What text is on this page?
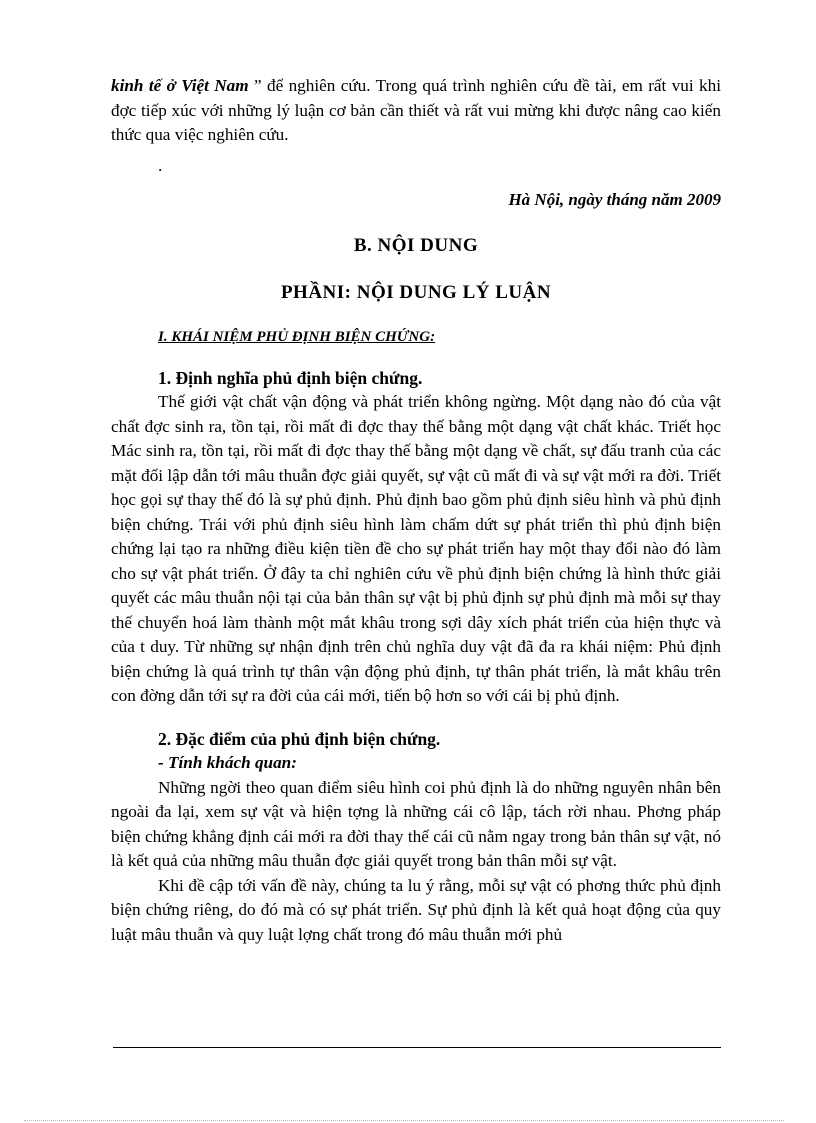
kinh tế ở Việt Nam ” để nghiên cứu. Trong quá trình nghiên cứu đề tài, em rất vui khi đợc tiếp xúc với những lý luận cơ bản cần thiết và rất vui mừng khi được nâng cao kiến thức qua việc nghiên cứu.

.
Hà Nội, ngày tháng năm 2009
B. NỘI DUNG
PHẦNI: NỘI DUNG LÝ LUẬN
I. KHÁI NIỆM PHỦ ĐỊNH BIỆN CHỨNG:
1. Định nghĩa phủ định biện chứng.

Thế giới vật chất vận động và phát triển không ngừng. Một dạng nào đó của vật chất đợc sinh ra, tồn tại, rồi mất đi đợc thay thế bằng một dạng vật chất khác. Triết học Mác sinh ra, tồn tại, rồi mất đi đợc thay thế bằng một dạng về chất, sự đấu tranh của các mặt đối lập dẫn tới mâu thuẫn đợc giải quyết, sự vật cũ mất đi và sự vật mới ra đời. Triết học gọi sự thay thế đó là sự phủ định. Phủ định bao gồm phủ định siêu hình và phủ định biện chứng. Trái với phủ định siêu hình làm chấm dứt sự phát triển thì phủ định biện chứng lại tạo ra những điều kiện tiền đề cho sự phát triển hay một thay đổi nào đó làm cho sự vật phát triển. Ở đây ta chỉ nghiên cứu về phủ định biện chứng là hình thức giải quyết các mâu thuẫn nội tại của bản thân sự vật bị phủ định sự phủ định mà mỗi sự thay thế chuyển hoá làm thành một mắt khâu trong sợi dây xích phát triển của hiện thực và của t duy. Từ những sự nhận định trên chủ nghĩa duy vật đã đa ra khái niệm: Phủ định biện chứng là quá trình tự thân vận động phủ định, tự thân phát triển, là mắt khâu trên con đờng dẫn tới sự ra đời của cái mới, tiến bộ hơn so với cái bị phủ định.

2. Đặc điểm của phủ định biện chứng.
- Tính khách quan:

Những ngời theo quan điểm siêu hình coi phủ định là do những nguyên nhân bên ngoài đa lại, xem sự vật và hiện tợng là những cái cô lập, tách rời nhau. Phơng pháp biện chứng khẳng định cái mới ra đời thay thế cái cũ nằm ngay trong bản thân sự vật, nó là kết quả của những mâu thuẫn đợc giải quyết trong bản thân mỗi sự vật.

Khi đề cập tới vấn đề này, chúng ta lu ý rằng, mỗi sự vật có phơng thức phủ định biện chứng riêng, do đó mà có sự phát triển. Sự phủ định là kết quả hoạt động của quy luật mâu thuẫn và quy luật lợng chất trong đó mâu thuẫn mới phủ
